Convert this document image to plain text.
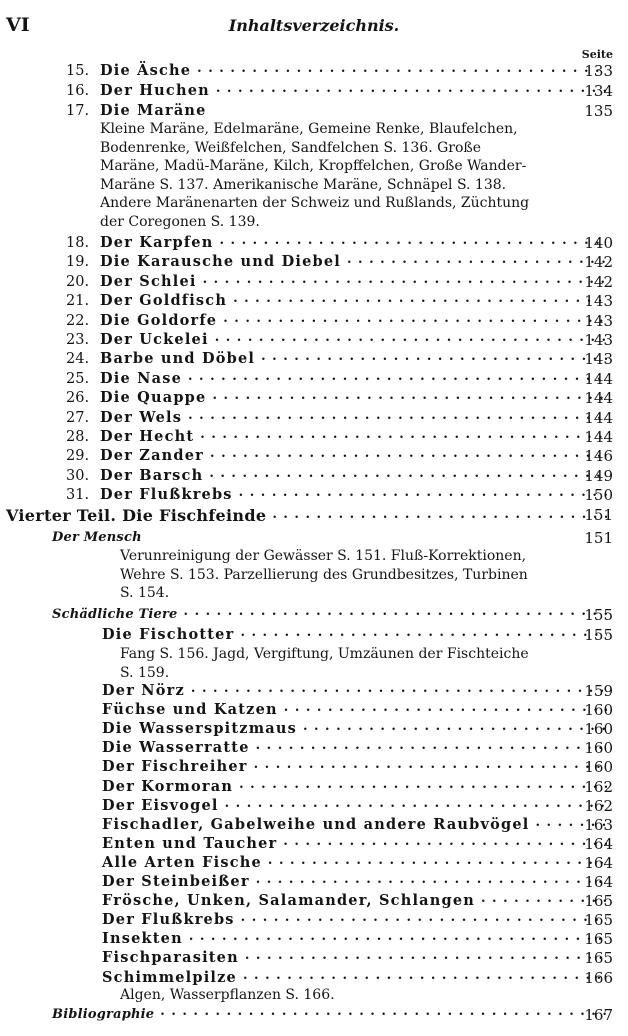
VI	Inhaltsverzeichnis.
Seite
15. Die Äsche . . .	133
16. Der Huchen . . .	134
17. Die Maräne	135
Kleine Maräne, Edelmaräne, Gemeine Renke, Blaufelchen,
Bodenrenke, Weißfelchen, Sandfelchen S. 136. Große
Maräne, Madü-Maräne, Kilch, Kropffelchen, Große Wander-
Maräne S. 137. Amerikanische Maräne, Schnäpel S. 138.
Andere Maränenarten der Schweiz und Rußlands, Züchtung
der Coregonen S. 139.
18. Der Karpfen . . .	140
19. Die Karausche und Diebel . . .	142
20. Der Schlei . . .	142
21. Der Goldfisch . . .	143
22. Die Goldorfe . . .	143
23. Der Uckelei . . .	143
24. Barbe und Döbel . . .	143
25. Die Nase . . .	144
26. Die Quappe . . .	144
27. Der Wels . . .	144
28. Der Hecht . . .	144
29. Der Zander . . .	146
30. Der Barsch . . .	149
31. Der Flußkrebs . . .	150
Vierter Teil. Die Fischfeinde . . .	151
Der Mensch	151
Verunreinigung der Gewässer S. 151. Fluß-Korrektionen,
Wehre S. 153. Parzellierung des Grundbesitzes, Turbinen
S. 154.
Schädliche Tiere . . .	155
Die Fischotter . . .	155
Fang S. 156. Jagd, Vergiftung, Umzäunen der Fischteiche
S. 159.
Der Nörz . . .	159
Füchse und Katzen . . .	160
Die Wasserspitzmaus . . .	160
Die Wasserratte . . .	160
Der Fischreiher . . .	160
Der Kormoran . . .	162
Der Eisvogel . . .	162
Fischadler, Gabelweihe und andere Raubvögel . . .	163
Enten und Taucher . . .	164
Alle Arten Fische . . .	164
Der Steinbeißer . . .	164
Frösche, Unken, Salamander, Schlangen . . .	165
Der Flußkrebs . . .	165
Insekten . . .	165
Fischparasiten . . .	165
Schimmelpilze . . .	166
Algen, Wasserpflanzen S. 166.
Bibliographie . . .	167
